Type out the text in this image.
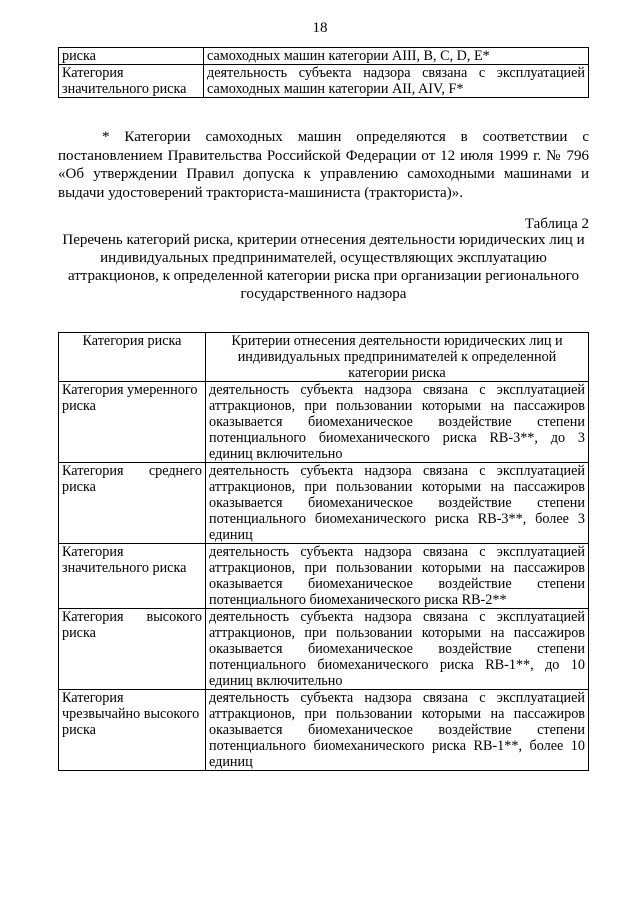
18
риска	самоходных машин категории AIII, B, C, D, E*
Категория значительного риска	деятельность субъекта надзора связана с эксплуатацией самоходных машин категории AII, AIV, F*

* Категории самоходных машин определяются в соответствии с постановлением Правительства Российской Федерации от 12 июля 1999 г. № 796 «Об утверждении Правил допуска к управлению самоходными машинами и выдачи удостоверений тракториста-машиниста (тракториста)».

Таблица 2
Перечень категорий риска, критерии отнесения деятельности юридических лиц и индивидуальных предпринимателей, осуществляющих эксплуатацию аттракционов, к определенной категории риска при организации регионального государственного надзора
Категория риска	Критерии отнесения деятельности юридических лиц и индивидуальных предпринимателей к определенной категории риска
Категория умеренного риска	деятельность субъекта надзора связана с эксплуатацией аттракционов, при пользовании которыми на пассажиров оказывается биомеханическое воздействие степени потенциального биомеханического риска RB-3**, до 3 единиц включительно
Категория среднего риска	деятельность субъекта надзора связана с эксплуатацией аттракционов, при пользовании которыми на пассажиров оказывается биомеханическое воздействие степени потенциального биомеханического риска RB-3**, более 3 единиц
Категория значительного риска	деятельность субъекта надзора связана с эксплуатацией аттракционов, при пользовании которыми на пассажиров оказывается биомеханическое воздействие степени потенциального биомеханического риска RB-2**
Категория высокого риска	деятельность субъекта надзора связана с эксплуатацией аттракционов, при пользовании которыми на пассажиров оказывается биомеханическое воздействие степени потенциального биомеханического риска RB-1**, до 10 единиц включительно
Категория чрезвычайно высокого риска	деятельность субъекта надзора связана с эксплуатацией аттракционов, при пользовании которыми на пассажиров оказывается биомеханическое воздействие степени потенциального биомеханического риска RB-1**, более 10 единиц
